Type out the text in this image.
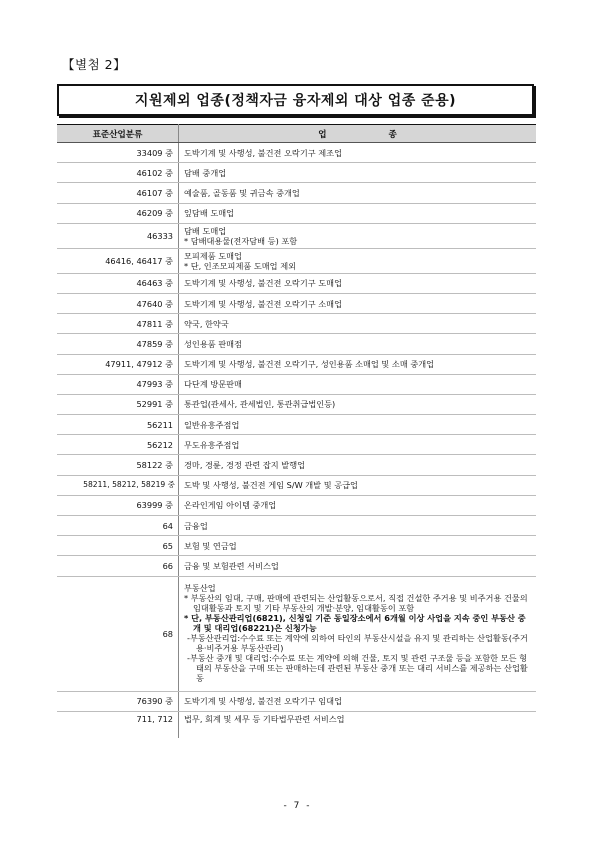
【별첨 2】
지원제외 업종(정책자금 융자제외 대상 업종 준용)
표준산업분류	업종
33409 중	도박기계 및 사행성, 불건전 오락기구 제조업
46102 중	담배 중개업
46107 중	예술품, 골동품 및 귀금속 중개업
46209 중	잎담배 도매업
46333	담배 도매업
* 담배대용물(전자담배 등) 포함

46416, 46417 중	모피제품 도매업
* 단, 인조모피제품 도매업 제외

46463 중	도박기계 및 사행성, 불건전 오락기구 도매업
47640 중	도박기계 및 사행성, 불건전 오락기구 소매업
47811 중	약국, 한약국
47859 중	성인용품 판매점
47911, 47912 중	도박기계 및 사행성, 불건전 오락기구, 성인용품 소매업 및 소매 중개업
47993 중	다단계 방문판매
52991 중	통관업(관세사, 관세법인, 통관취급법인등)
56211	일반유흥주점업
56212	무도유흥주점업
58122 중	경마, 경륜, 경정 관련 잡지 발행업
58211, 58212, 58219 중	도박 및 사행성, 불건전 게임 S/W 개발 및 공급업
63999 중	온라인게임 아이템 중개업
64	금융업
65	보험 및 연금업
66	금융 및 보험관련 서비스업
68	부동산업
* 부동산의 임대, 구매, 판매에 관련되는 산업활동으로서, 직접 건설한 주거용 및 비주거용 건물의 임대활동과 토지 및 기타 부동산의 개발·분양, 임대활동이 포함
* 단, 부동산관리업(6821), 신청일 기준 동일장소에서 6개월 이상 사업을 지속 중인 부동산 중개 및 대리업(68221)은 신청가능
-부동산관리업:수수료 또는 계약에 의하여 타인의 부동산시설을 유지 및 관리하는 산업활동(주거용·비주거용 부동산관리)
-부동산 중개 및 대리업:수수료 또는 계약에 의해 건물, 토지 및 관련 구조물 등을 포함한 모든 형태의 부동산을 구매 또는 판매하는데 관련된 부동산 중개 또는 대리 서비스를 제공하는 산업활동

76390 중	도박기계 및 사행성, 불건전 오락기구 임대업
711, 712	법무, 회계 및 세무 등 기타법무관련 서비스업
- 7 -
